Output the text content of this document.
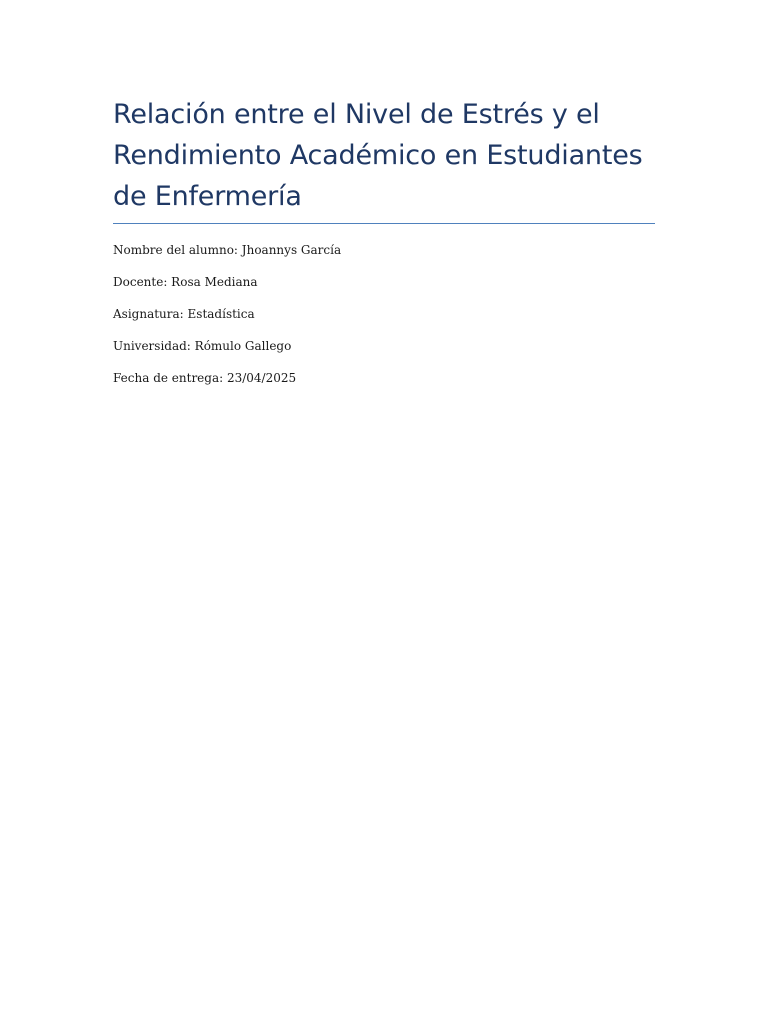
Relación entre el Nivel de Estrés y el Rendimiento Académico en Estudiantes de Enfermería

Nombre del alumno: Jhoannys García

Docente: Rosa Mediana

Asignatura: Estadística

Universidad: Rómulo Gallego

Fecha de entrega: 23/04/2025
